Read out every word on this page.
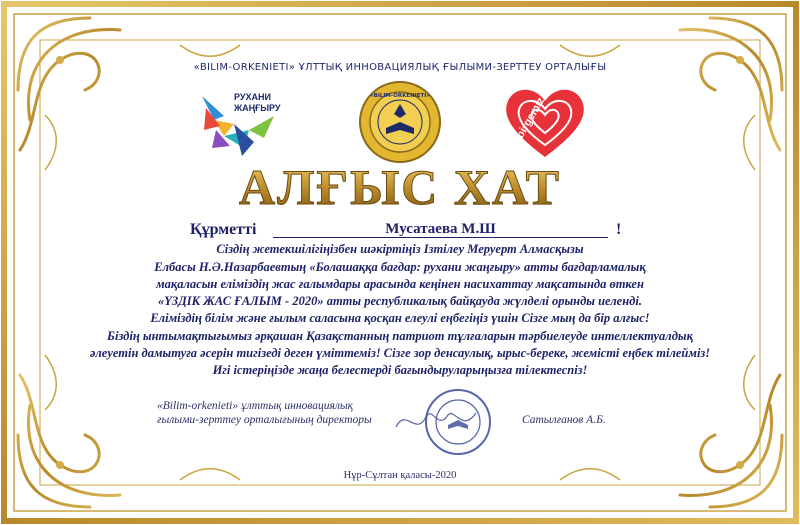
«BILIM-ORKENIETI» ҰЛТТЫҚ ИННОВАЦИЯЛЫҚ ҒЫЛЫМИ-ЗЕРТТЕУ ОРТАЛЫҒЫ
РУХАНИ
ЖАҢҒЫРУ
«BILIM-ORKENIETI»	birgemiz
АЛҒЫС ХАТ
Құрметті	Мусатаева М.Ш	!
Сіздің жетекшілігіңізбен шәкіртіңіз Ізтілеу Меруерт Алмасқызы
Елбасы Н.Ә.Назарбаевтың «Болашаққа бағдар: рухани жаңғыру» атты бағдарламалық
мақаласын еліміздің жас ғалымдары арасында кеңінен насихаттау мақсатында өткен
«ҮЗДІК ЖАС ҒАЛЫМ - 2020» атты республикалық байқауда жүлделі орынды иеленді.
Еліміздің білім және ғылым саласына қосқан елеулі еңбегіңіз үшін Сізге мың да бір алғыс!
Біздің ынтымақтығымыз әрқашан Қазақстанның патриот тұлғаларын тәрбиелеуде интеллектуалдық
әлеуетін дамытуға әсерін тигізеді деген үміттеміз! Сізге зор денсаулық, ырыс-береке, жемісті еңбек тілейміз!
Игі істеріңізде жаңа белестерді бағындыруларыңызға тілектеспіз!
«Bilim-orkenieti» ұлттық инновациялық
ғылыми-зерттеу орталығының директоры	Сатылғанов А.Б.
Нұр-Сұлтан қаласы-2020
